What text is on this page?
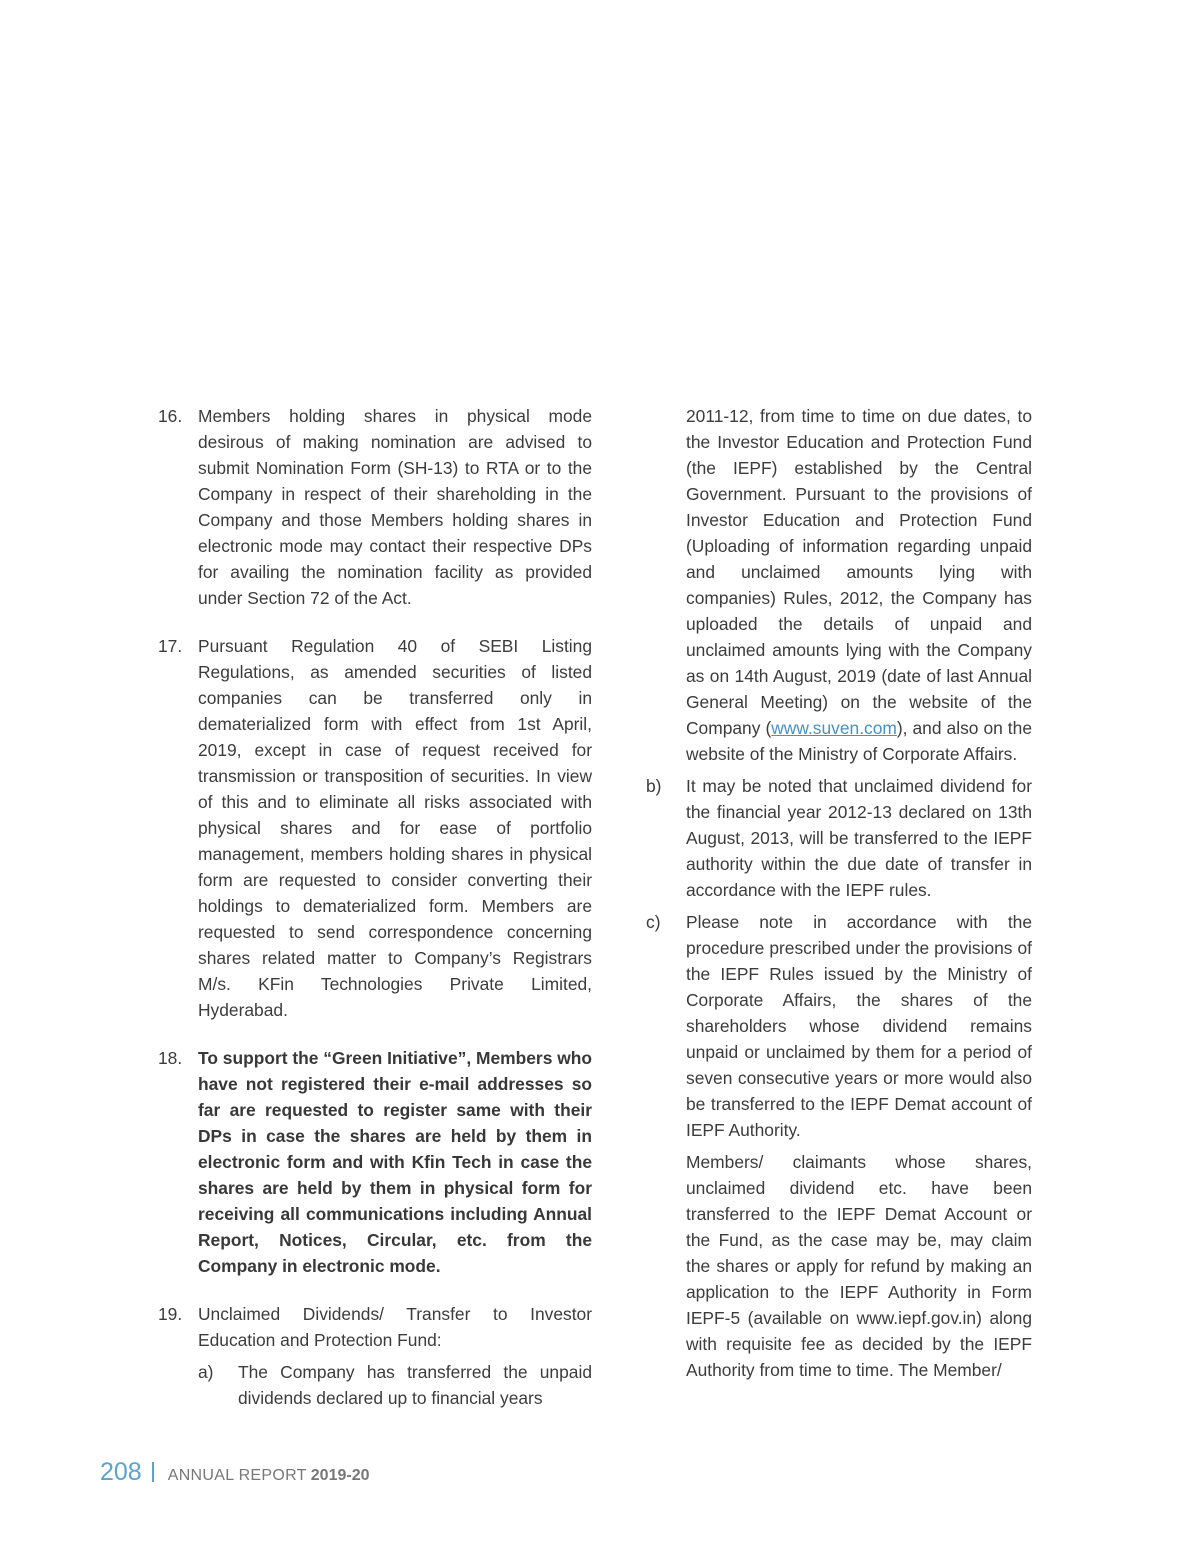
16. Members holding shares in physical mode desirous of making nomination are advised to submit Nomination Form (SH-13) to RTA or to the Company in respect of their shareholding in the Company and those Members holding shares in electronic mode may contact their respective DPs for availing the nomination facility as provided under Section 72 of the Act.
17. Pursuant Regulation 40 of SEBI Listing Regulations, as amended securities of listed companies can be transferred only in dematerialized form with effect from 1st April, 2019, except in case of request received for transmission or transposition of securities. In view of this and to eliminate all risks associated with physical shares and for ease of portfolio management, members holding shares in physical form are requested to consider converting their holdings to dematerialized form. Members are requested to send correspondence concerning shares related matter to Company’s Registrars M/s. KFin Technologies Private Limited, Hyderabad.
18. To support the “Green Initiative”, Members who have not registered their e-mail addresses so far are requested to register same with their DPs in case the shares are held by them in electronic form and with Kfin Tech in case the shares are held by them in physical form for receiving all communications including Annual Report, Notices, Circular, etc. from the Company in electronic mode.
19. Unclaimed Dividends/ Transfer to Investor Education and Protection Fund:
a) The Company has transferred the unpaid dividends declared up to financial years
2011-12, from time to time on due dates, to the Investor Education and Protection Fund (the IEPF) established by the Central Government. Pursuant to the provisions of Investor Education and Protection Fund (Uploading of information regarding unpaid and unclaimed amounts lying with companies) Rules, 2012, the Company has uploaded the details of unpaid and unclaimed amounts lying with the Company as on 14th August, 2019 (date of last Annual General Meeting) on the website of the Company (www.suven.com), and also on the website of the Ministry of Corporate Affairs.
b) It may be noted that unclaimed dividend for the financial year 2012-13 declared on 13th August, 2013, will be transferred to the IEPF authority within the due date of transfer in accordance with the IEPF rules.
c) Please note in accordance with the procedure prescribed under the provisions of the IEPF Rules issued by the Ministry of Corporate Affairs, the shares of the shareholders whose dividend remains unpaid or unclaimed by them for a period of seven consecutive years or more would also be transferred to the IEPF Demat account of IEPF Authority.
Members/ claimants whose shares, unclaimed dividend etc. have been transferred to the IEPF Demat Account or the Fund, as the case may be, may claim the shares or apply for refund by making an application to the IEPF Authority in Form IEPF-5 (available on www.iepf.gov.in) along with requisite fee as decided by the IEPF Authority from time to time. The Member/
208 ANNUAL REPORT 2019-20
